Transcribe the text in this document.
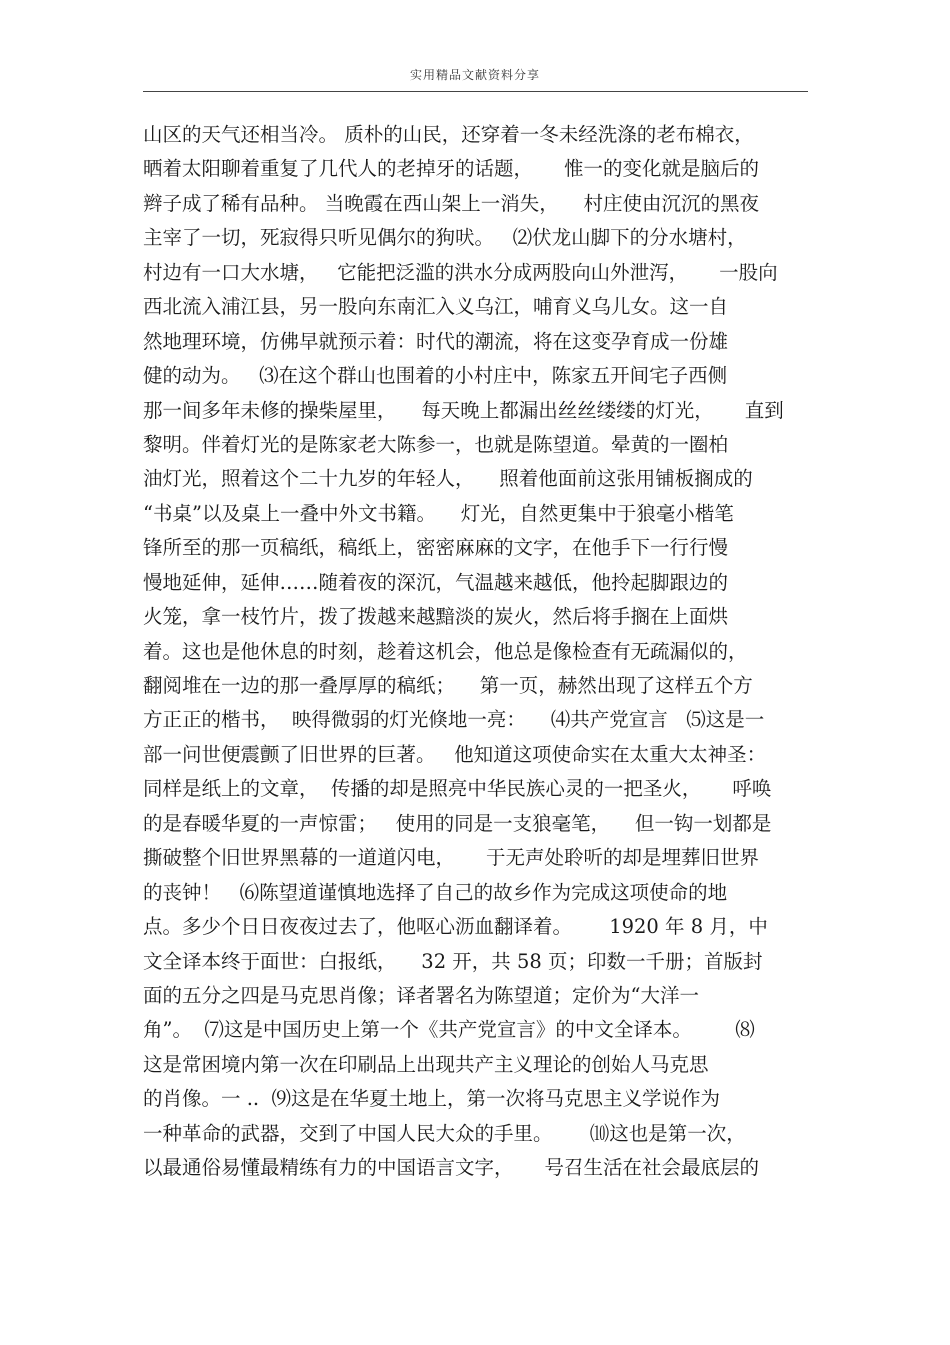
实用精品文献资料分享
山区的天气还相当冷。 质朴的山民，还穿着一冬未经洗涤的老布棉衣，
晒着太阳聊着重复了几代人的老掉牙的话题，     惟一的变化就是脑后的
辫子成了稀有品种。 当晚霞在西山架上一消失，    村庄使由沉沉的黑夜
主宰了一切，死寂得只听见偶尔的狗吠。   ⑵伏龙山脚下的分水塘村，
村边有一口大水塘，   它能把泛滥的洪水分成两股向山外泄泻，     一股向
西北流入浦江县，另一股向东南汇入义乌江，哺育义乌儿女。这一自
然地理环境，仿佛早就预示着：时代的潮流，将在这变孕育成一份雄
健的动为。   ⑶在这个群山也围着的小村庄中，陈家五开间宅子西侧
那一间多年未修的操柴屋里，    每天晚上都漏出丝丝缕缕的灯光，     直到
黎明。伴着灯光的是陈家老大陈参一，也就是陈望道。晕黄的一圈柏
油灯光，照着这个二十九岁的年轻人，    照着他面前这张用铺板搁成的
“书桌”以及桌上一叠中外文书籍。    灯光，自然更集中于狼毫小楷笔
锋所至的那一页稿纸，稿纸上，密密麻麻的文字，在他手下一行行慢
慢地延伸，延伸……随着夜的深沉，气温越来越低，他拎起脚跟边的
火笼，拿一枝竹片，拨了拨越来越黯淡的炭火，然后将手搁在上面烘
着。这也是他休息的时刻，趁着这机会，他总是像检查有无疏漏似的，
翻阅堆在一边的那一叠厚厚的稿纸；    第一页，赫然出现了这样五个方
方正正的楷书，  映得微弱的灯光倏地一亮：    ⑷共产党宣言   ⑸这是一
部一问世便震颤了旧世界的巨著。   他知道这项使命实在太重大太神圣：
同样是纸上的文章，  传播的却是照亮中华民族心灵的一把圣火，     呼唤
的是春暖华夏的一声惊雷；   使用的同是一支狼毫笔，    但一钩一划都是
撕破整个旧世界黑幕的一道道闪电，     于无声处聆听的却是埋葬旧世界
的丧钟！   ⑹陈望道谨慎地选择了自己的故乡作为完成这项使命的地
点。多少个日日夜夜过去了，他呕心沥血翻译着。      1920 年 8 月，中
文全译本终于面世：白报纸，    32 开，共 58 页；印数一千册；首版封
面的五分之四是马克思肖像；译者署名为陈望道；定价为“大洋一
角”。  ⑺这是中国历史上第一个《共产党宣言》的中文全译本。       ⑻
这是常困境内第一次在印刷品上出现共产主义理论的创始人马克思
的肖像。一 ..  ⑼这是在华夏土地上，第一次将马克思主义学说作为
一种革命的武器，交到了中国人民大众的手里。      ⑽这也是第一次，
以最通俗易懂最精练有力的中国语言文字，     号召生活在社会最底层的
